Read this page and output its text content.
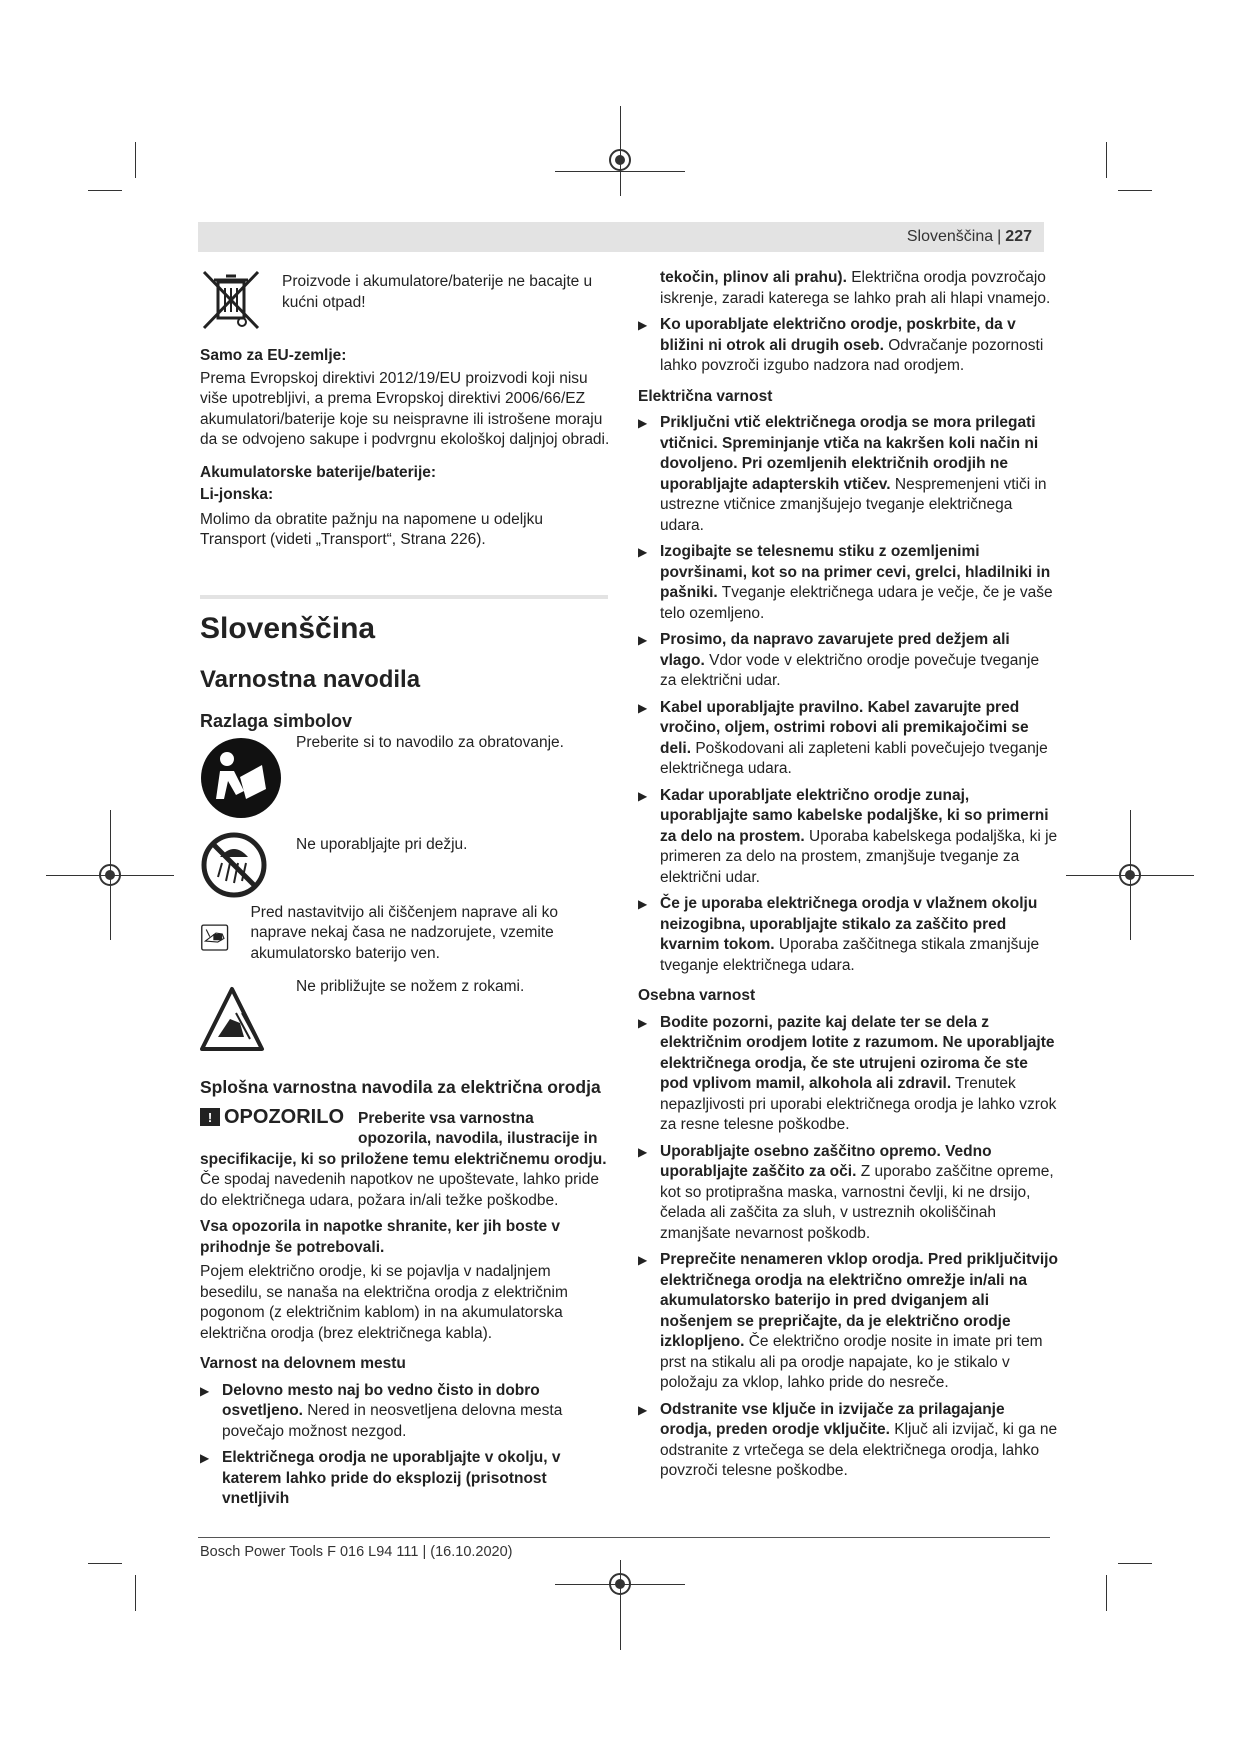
Slovenščina | 227

Proizvode i akumulatore/baterije ne bacajte u kućni otpad!

Samo za EU-zemlje:

Prema Evropskoj direktivi 2012/19/EU proizvodi koji nisu više upotrebljivi, a prema Evropskoj direktivi 2006/66/EZ akumulatori/baterije koje su neispravne ili istrošene moraju da se odvojeno sakupe i podvrgnu ekološkoj daljnjoj obradi.

Akumulatorske baterije/baterije:

Li-jonska:

Molimo da obratite pažnju na napomene u odeljku Transport (videti „Transport“, Strana 226).

Slovenščina
Varnostna navodila
Razlaga simbolov

Preberite si to navodilo za obratovanje.

Ne uporabljajte pri dežju.

Pred nastavitvijo ali čiščenjem naprave ali ko naprave nekaj časa ne nadzorujete, vzemite akumulatorsko baterijo ven.

Ne približujte se nožem z rokami.

Splošna varnostna navodila za električna orodja
! OPOZORILO Preberite vsa varnostna opozorila, navodila, ilustracije in

specifikacije, ki so priložene temu električnemu orodju.

Če spodaj navedenih napotkov ne upoštevate, lahko pride do električnega udara, požara in/ali težke poškodbe.

Vsa opozorila in napotke shranite, ker jih boste v prihodnje še potrebovali.

Pojem električno orodje, ki se pojavlja v nadaljnjem besedilu, se nanaša na električna orodja z električnim pogonom (z električnim kablom) in na akumulatorska električna orodja (brez električnega kabla).

Varnost na delovnem mestu

▶ Delovno mesto naj bo vedno čisto in dobro osvetljeno. Nered in neosvetljena delovna mesta povečajo možnost nezgod.

▶ Električnega orodja ne uporabljajte v okolju, v katerem lahko pride do eksplozij (prisotnost vnetljivih

tekočin, plinov ali prahu). Električna orodja povzročajo iskrenje, zaradi katerega se lahko prah ali hlapi vnamejo.

▶ Ko uporabljate električno orodje, poskrbite, da v bližini ni otrok ali drugih oseb. Odvračanje pozornosti lahko povzroči izgubo nadzora nad orodjem.

Električna varnost

▶ Priključni vtič električnega orodja se mora prilegati vtičnici. Spreminjanje vtiča na kakršen koli način ni dovoljeno. Pri ozemljenih električnih orodjih ne uporabljajte adapterskih vtičev. Nespremenjeni vtiči in ustrezne vtičnice zmanjšujejo tveganje električnega udara.

▶ Izogibajte se telesnemu stiku z ozemljenimi površinami, kot so na primer cevi, grelci, hladilniki in pašniki. Tveganje električnega udara je večje, če je vaše telo ozemljeno.

▶ Prosimo, da napravo zavarujete pred dežjem ali vlago. Vdor vode v električno orodje povečuje tveganje za električni udar.

▶ Kabel uporabljajte pravilno. Kabel zavarujte pred vročino, oljem, ostrimi robovi ali premikajočimi se deli. Poškodovani ali zapleteni kabli povečujejo tveganje električnega udara.

▶ Kadar uporabljate električno orodje zunaj, uporabljajte samo kabelske podaljške, ki so primerni za delo na prostem. Uporaba kabelskega podaljška, ki je primeren za delo na prostem, zmanjšuje tveganje za električni udar.

▶ Če je uporaba električnega orodja v vlažnem okolju neizogibna, uporabljajte stikalo za zaščito pred kvarnim tokom. Uporaba zaščitnega stikala zmanjšuje tveganje električnega udara.

Osebna varnost

▶ Bodite pozorni, pazite kaj delate ter se dela z električnim orodjem lotite z razumom. Ne uporabljajte električnega orodja, če ste utrujeni oziroma če ste pod vplivom mamil, alkohola ali zdravil. Trenutek nepazljivosti pri uporabi električnega orodja je lahko vzrok za resne telesne poškodbe.

▶ Uporabljajte osebno zaščitno opremo. Vedno uporabljajte zaščito za oči. Z uporabo zaščitne opreme, kot so protiprašna maska, varnostni čevlji, ki ne drsijo, čelada ali zaščita za sluh, v ustreznih okoliščinah zmanjšate nevarnost poškodb.

▶ Preprečite nenameren vklop orodja. Pred priključitvijo električnega orodja na električno omrežje in/ali na akumulatorsko baterijo in pred dviganjem ali nošenjem se prepričajte, da je električno orodje izklopljeno. Če električno orodje nosite in imate pri tem prst na stikalu ali pa orodje napajate, ko je stikalo v položaju za vklop, lahko pride do nesreče.

▶ Odstranite vse ključe in izvijače za prilagajanje orodja, preden orodje vključite. Ključ ali izvijač, ki ga ne odstranite z vrtečega se dela električnega orodja, lahko povzroči telesne poškodbe.

Bosch Power Tools F 016 L94 111 | (16.10.2020)
